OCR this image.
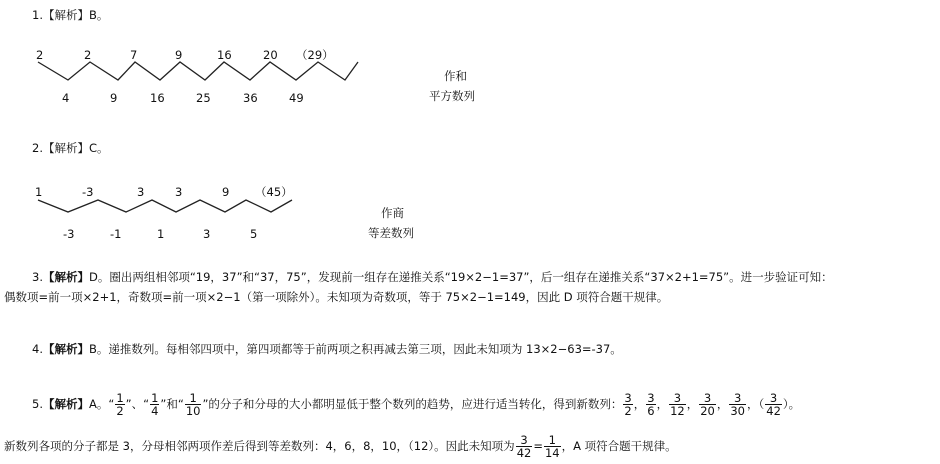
1.【解析】B。
2	2	7	9	16	20 （29）
4	9	16	25	36	49
作和
平方数列
2.【解析】C。
1	-3	3	3	9 （45）
-3	-1	1	3	5
作商
等差数列
3.【解析】D。圈出两组相邻项“19，37”和“37，75”，发现前一组存在递推关系“19×2−1=37”，后一组存在递推关系“37×2+1=75”。进一步验证可知：
偶数项=前一项×2+1，奇数项=前一项×2−1（第一项除外）。未知项为奇数项，等于 75×2−1=149，因此 D 项符合题干规律。
4.【解析】B。递推数列。每相邻四项中，第四项都等于前两项之积再减去第三项，因此未知项为 13×2−63=-37。
5.【解析】A。“ $\frac{1}{2}$ ”、“ $\frac{1}{4}$ ”和“ $\frac{1}{10}$ ”的分子和分母的大小都明显低于整个数列的趋势，应进行适当转化，得到新数列： $\frac{3}{2}$ ， $\frac{3}{6}$ ， $\frac{3}{12}$ ， $\frac{3}{20}$ ， $\frac{3}{30}$ ，（ $\frac{3}{42}$ ）。
新数列各项的分子都是 3，分母相邻两项作差后得到等差数列：4，6，8，10，（12）。因此未知项为 $\frac{3}{42} = \frac{1}{14}$ ，A 项符合题干规律。
